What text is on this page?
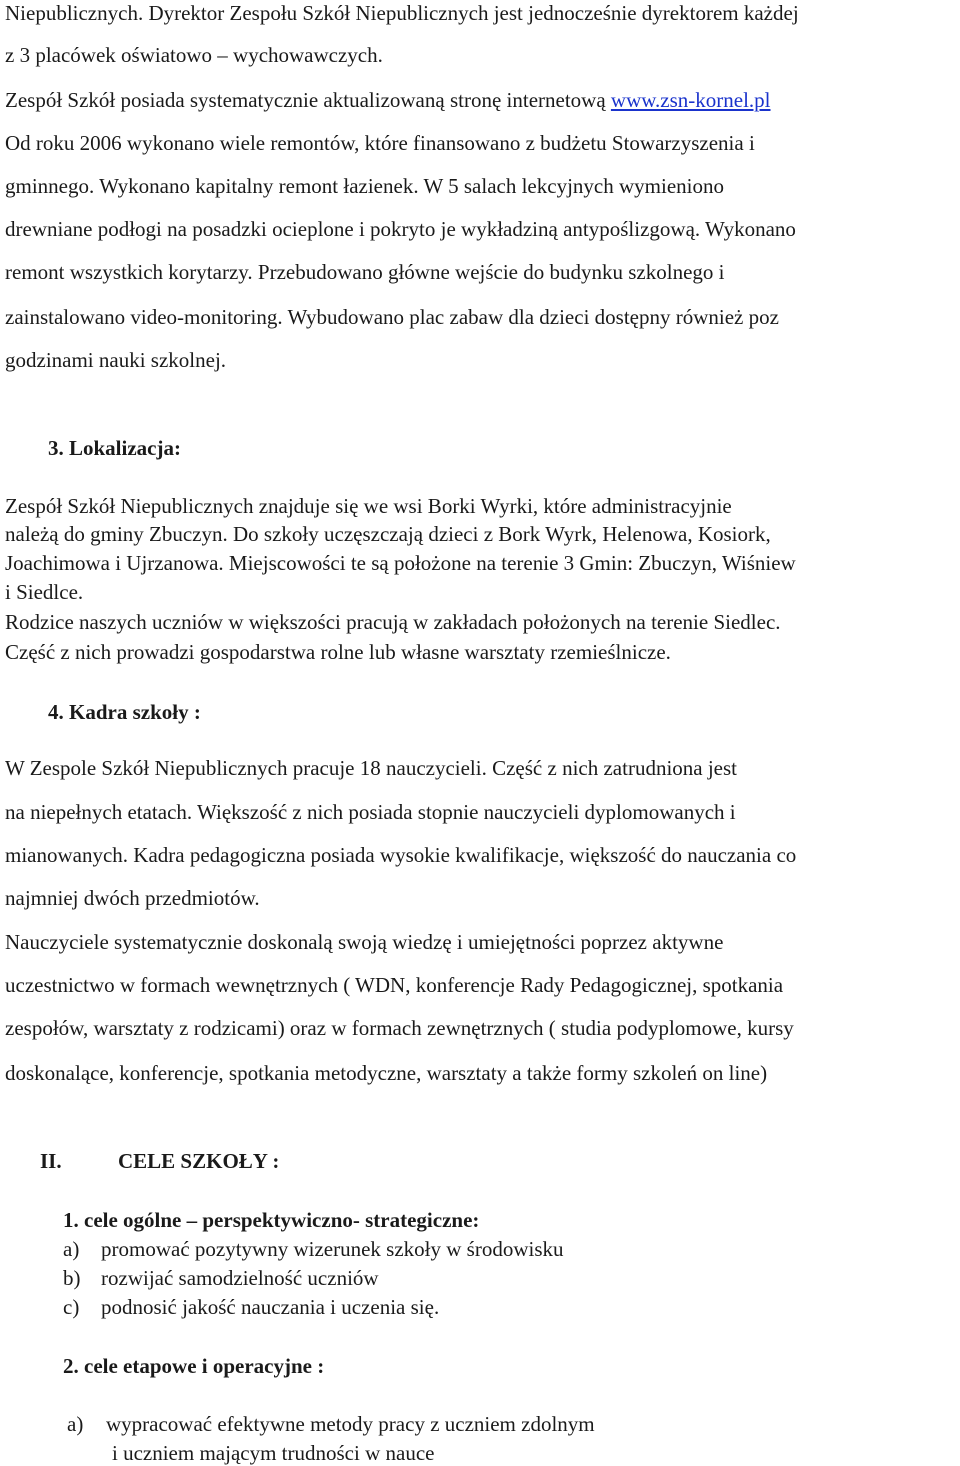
Niepublicznych. Dyrektor Zespołu Szkół Niepublicznych jest jednocześnie dyrektorem każdej
z 3 placówek oświatowo – wychowawczych.
Zespół Szkół posiada systematycznie aktualizowaną stronę internetową www.zsn-kornel.pl
Od roku 2006 wykonano wiele remontów, które finansowano z budżetu Stowarzyszenia i
gminnego. Wykonano kapitalny remont łazienek. W 5 salach lekcyjnych wymieniono
drewniane podłogi na posadzki ocieplone i pokryto je wykładziną antypoślizgową. Wykonano
remont wszystkich korytarzy. Przebudowano główne wejście do budynku szkolnego i
zainstalowano video-monitoring. Wybudowano plac zabaw dla dzieci dostępny również poz
godzinami nauki szkolnej.
3. Lokalizacja:
Zespół Szkół Niepublicznych znajduje się we wsi Borki Wyrki, które administracyjnie
należą do gminy Zbuczyn. Do szkoły uczęszczają dzieci z Bork Wyrk, Helenowa, Kosiork,
Joachimowa i Ujrzanowa. Miejscowości te są położone na terenie 3 Gmin: Zbuczyn, Wiśniew
i Siedlce.
Rodzice naszych uczniów w większości pracują w zakładach położonych na terenie Siedlec.
Część z nich prowadzi gospodarstwa rolne lub własne warsztaty rzemieślnicze.
4. Kadra szkoły :
W Zespole Szkół Niepublicznych pracuje 18 nauczycieli. Część z nich zatrudniona jest
na niepełnych etatach. Większość z nich posiada stopnie nauczycieli dyplomowanych i
mianowanych. Kadra pedagogiczna posiada wysokie kwalifikacje, większość do nauczania co
najmniej dwóch przedmiotów.
Nauczyciele systematycznie doskonalą swoją wiedzę i umiejętności poprzez aktywne
uczestnictwo w formach wewnętrznych ( WDN, konferencje Rady Pedagogicznej, spotkania
zespołów, warsztaty z rodzicami) oraz w formach zewnętrznych ( studia podyplomowe, kursy
doskonalące, konferencje, spotkania metodyczne, warsztaty a także formy szkoleń on line)
II.	CELE SZKOŁY :
1. cele ogólne – perspektywiczno- strategiczne:
a)	promować pozytywny wizerunek szkoły w środowisku
b) rozwijać samodzielność uczniów
c)	podnosić jakość nauczania i uczenia się.
2. cele etapowe i operacyjne :
a)	wypracować efektywne metody pracy z uczniem zdolnym
i uczniem mającym trudności w nauce
